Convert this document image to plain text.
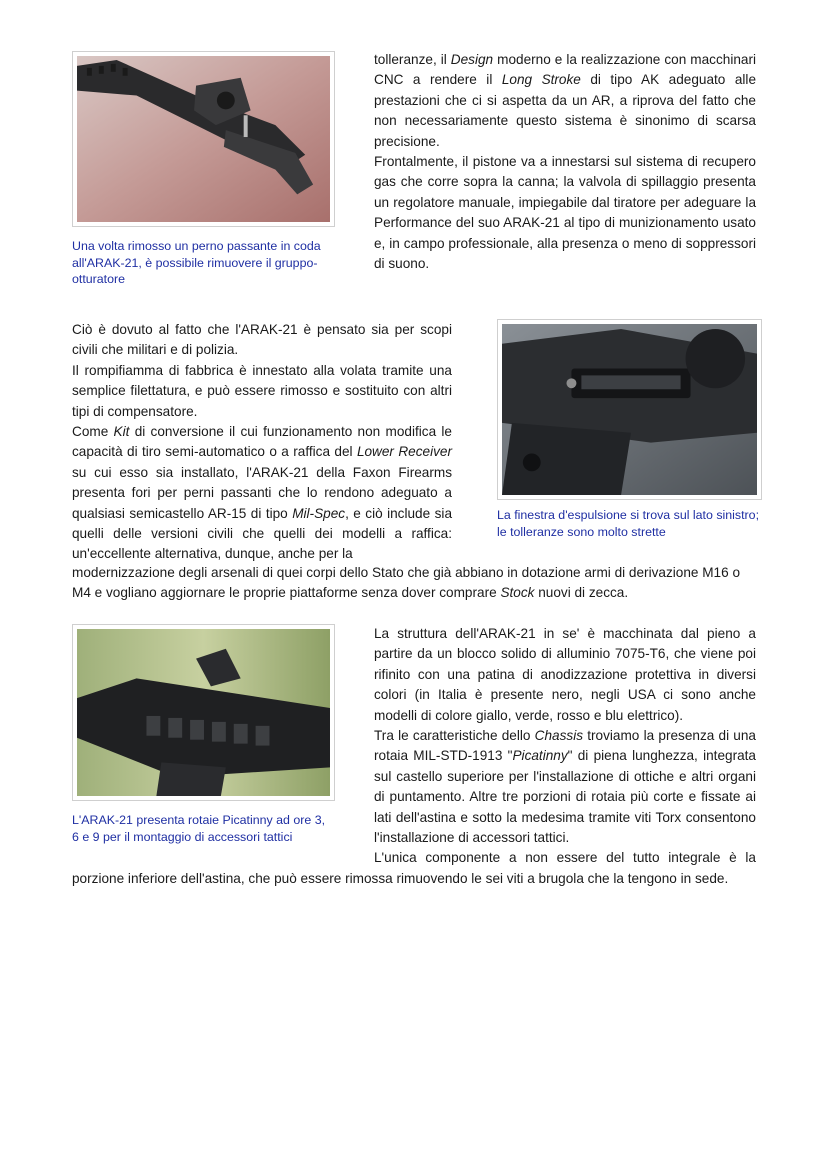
Una volta rimosso un perno passante in coda all'ARAK-21, è possibile rimuovere il gruppo-otturatore

tolleranze, il Design moderno e la realizzazione con macchinari CNC a rendere il Long Stroke di tipo AK adeguato alle prestazioni che ci si aspetta da un AR, a riprova del fatto che non necessariamente questo sistema è sinonimo di scarsa precisione.

Frontalmente, il pistone va a innestarsi sul sistema di recupero gas che corre sopra la canna; la valvola di spillaggio presenta un regolatore manuale, impiegabile dal tiratore per adeguare la Performance del suo ARAK-21 al tipo di munizionamento usato e, in campo professionale, alla presenza o meno di soppressori di suono.

La finestra d'espulsione si trova sul lato sinistro; le tolleranze sono molto strette

Ciò è dovuto al fatto che l'ARAK-21 è pensato sia per scopi civili che militari e di polizia.

Il rompifiamma di fabbrica è innestato alla volata tramite una semplice filettatura, e può essere rimosso e sostituito con altri tipi di compensatore.

Come Kit di conversione il cui funzionamento non modifica le capacità di tiro semi-automatico o a raffica del Lower Receiver su cui esso sia installato, l'ARAK-21 della Faxon Firearms presenta fori per perni passanti che lo rendono adeguato a qualsiasi semicastello AR-15 di tipo Mil-Spec, e ciò include sia quelli delle versioni civili che quelli dei modelli a raffica: un'eccellente alternativa, dunque, anche per la

modernizzazione degli arsenali di quei corpi dello Stato che già abbiano in dotazione armi di derivazione M16 o M4 e vogliano aggiornare le proprie piattaforme senza dover comprare Stock nuovi di zecca.

L'ARAK-21 presenta rotaie Picatinny ad ore 3, 6 e 9 per il montaggio di accessori tattici

La struttura dell'ARAK-21 in se' è macchinata dal pieno a partire da un blocco solido di alluminio 7075-T6, che viene poi rifinito con una patina di anodizzazione protettiva in diversi colori (in Italia è presente nero, negli USA ci sono anche modelli di colore giallo, verde, rosso e blu elettrico).

Tra le caratteristiche dello Chassis troviamo la presenza di una rotaia MIL-STD-1913 "Picatinny" di piena lunghezza, integrata sul castello superiore per l'installazione di ottiche e altri organi di puntamento. Altre tre porzioni di rotaia più corte e fissate ai lati dell'astina e sotto la medesima tramite viti Torx consentono l'installazione di accessori tattici.

L'unica componente a non essere del tutto integrale è la

porzione inferiore dell'astina, che può essere rimossa rimuovendo le sei viti a brugola che la tengono in sede.
